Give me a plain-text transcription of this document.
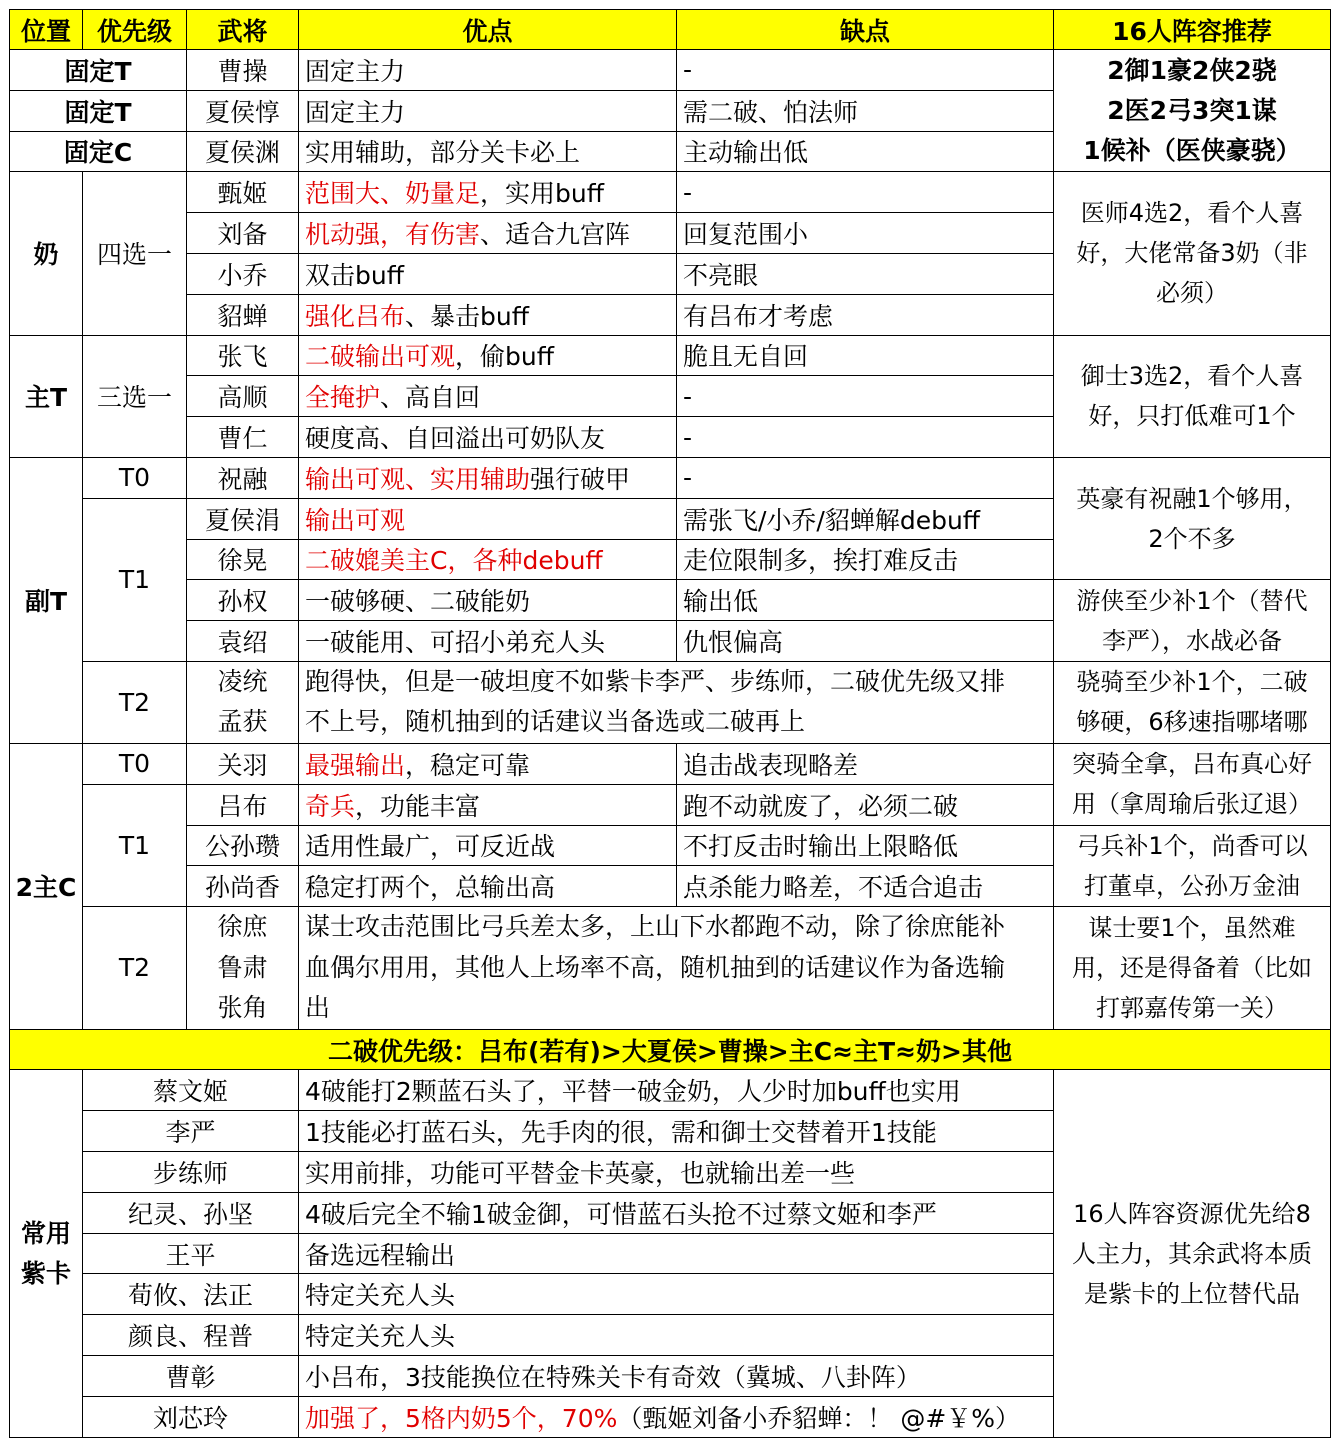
位置	优先级	武将	优点	缺点	16人阵容推荐
固定T		曹操	固定主力	-	2御1豪2侠2骁
2医2弓3突1谋
1候补（医侠豪骁）
固定T		夏侯惇	固定主力	需二破、怕法师	
固定C		夏侯渊	实用辅助，部分关卡必上	主动输出低	
奶	四选一	甄姬	范围大、奶量足，实用buff	-	医师4选2，看个人喜
好，大佬常备3奶（非
必须）
		刘备	机动强，有伤害、适合九宫阵	回复范围小	
		小乔	双击buff	不亮眼	
		貂蝉	强化吕布、暴击buff	有吕布才考虑	
主T	三选一	张飞	二破输出可观，偷buff	脆且无自回	御士3选2，看个人喜
好，只打低难可1个
		高顺	全掩护、高自回	-	
		曹仁	硬度高、自回溢出可奶队友	-	
副T	T0	祝融	输出可观、实用辅助强行破甲	-	英豪有祝融1个够用，
2个不多
	T1	夏侯涓	输出可观	需张飞/小乔/貂蝉解debuff	
		徐晃	二破媲美主C，各种debuff	走位限制多，挨打难反击	
		孙权	一破够硬、二破能奶	输出低	游侠至少补1个（替代
李严），水战必备
		袁绍	一破能用、可招小弟充人头	仇恨偏高	
	T2	凌统
孟获	跑得快，但是一破坦度不如紫卡李严、步练师，二破优先级又排
不上号，随机抽到的话建议当备选或二破再上		骁骑至少补1个，二破
够硬，6移速指哪堵哪

2主C	T0	关羽	最强输出，稳定可靠	追击战表现略差	突骑全拿，吕布真心好
用（拿周瑜后张辽退）
	T1	吕布	奇兵，功能丰富	跑不动就废了，必须二破	
		公孙瓒	适用性最广，可反近战	不打反击时输出上限略低	弓兵补1个，尚香可以
打董卓，公孙万金油
		孙尚香	稳定打两个，总输出高	点杀能力略差，不适合追击	
	T2	徐庶
鲁肃
张角	谋士攻击范围比弓兵差太多，上山下水都跑不动，除了徐庶能补
血偶尔用用，其他人上场率不高，随机抽到的话建议作为备选输
出		谋士要1个，虽然难
用，还是得备着（比如
打郭嘉传第一关）

二破优先级：吕布(若有)>大夏侯>曹操>主C≈主T≈奶>其他					
常用
紫卡	蔡文姬		4破能打2颗蓝石头了，平替一破金奶，人少时加buff也实用		16人阵容资源优先给8
人主力，其余武将本质
是紫卡的上位替代品
	李严		1技能必打蓝石头，先手肉的很，需和御士交替着开1技能		
	步练师		实用前排，功能可平替金卡英豪，也就输出差一些		
	纪灵、孙坚		4破后完全不输1破金御，可惜蓝石头抢不过蔡文姬和李严		
	王平		备选远程输出		
	荀攸、法正		特定关充人头		
	颜良、程普		特定关充人头		
	曹彰		小吕布，3技能换位在特殊关卡有奇效（冀城、八卦阵）		
	刘芯玲		加强了，5格内奶5个，70%（甄姬刘备小乔貂蝉：！ @#￥%）		
